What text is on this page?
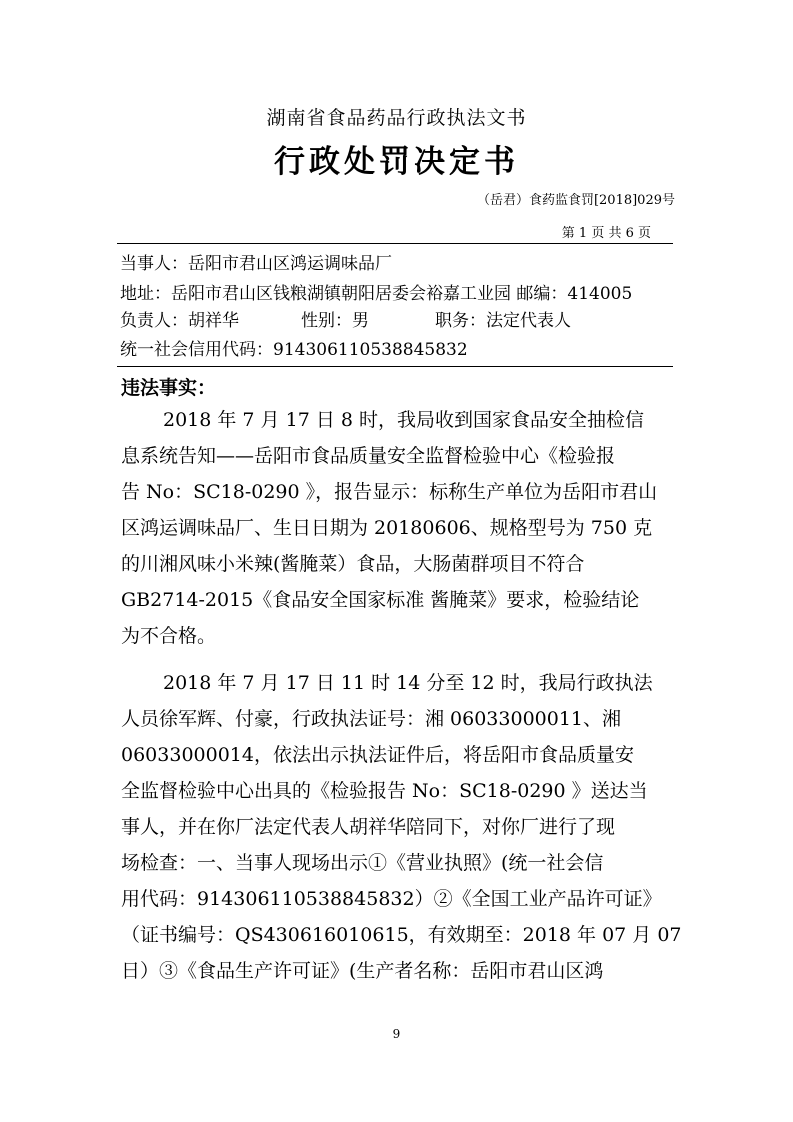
湖南省食品药品行政执法文书
行政处罚决定书
（岳君）食药监食罚[2018]029号
第 1 页 共 6 页
当事人：岳阳市君山区鸿运调味品厂
地址：岳阳市君山区钱粮湖镇朝阳居委会裕嘉工业园 邮编：414005
负责人：胡祥华	性别：男	职务：法定代表人
统一社会信用代码：914306110538845832
违法事实：
2018 年 7 月 17 日 8 时，我局收到国家食品安全抽检信
息系统告知——岳阳市食品质量安全监督检验中心《检验报
告 No：SC18-0290 》，报告显示：标称生产单位为岳阳市君山
区鸿运调味品厂、生日日期为 20180606、规格型号为 750 克
的川湘风味小米辣(酱腌菜）食品，大肠菌群项目不符合
GB2714-2015《食品安全国家标准 酱腌菜》要求，检验结论
为不合格。
2018 年 7 月 17 日 11 时 14 分至 12 时，我局行政执法
人员徐军辉、付豪，行政执法证号：湘 06033000011、湘
06033000014，依法出示执法证件后，将岳阳市食品质量安
全监督检验中心出具的《检验报告 No：SC18-0290 》送达当
事人，并在你厂法定代表人胡祥华陪同下，对你厂进行了现
场检查：一、当事人现场出示①《营业执照》(统一社会信
用代码：914306110538845832）②《全国工业产品许可证》
（证书编号：QS430616010615，有效期至：2018 年 07 月 07
日）③《食品生产许可证》(生产者名称：岳阳市君山区鸿
9
